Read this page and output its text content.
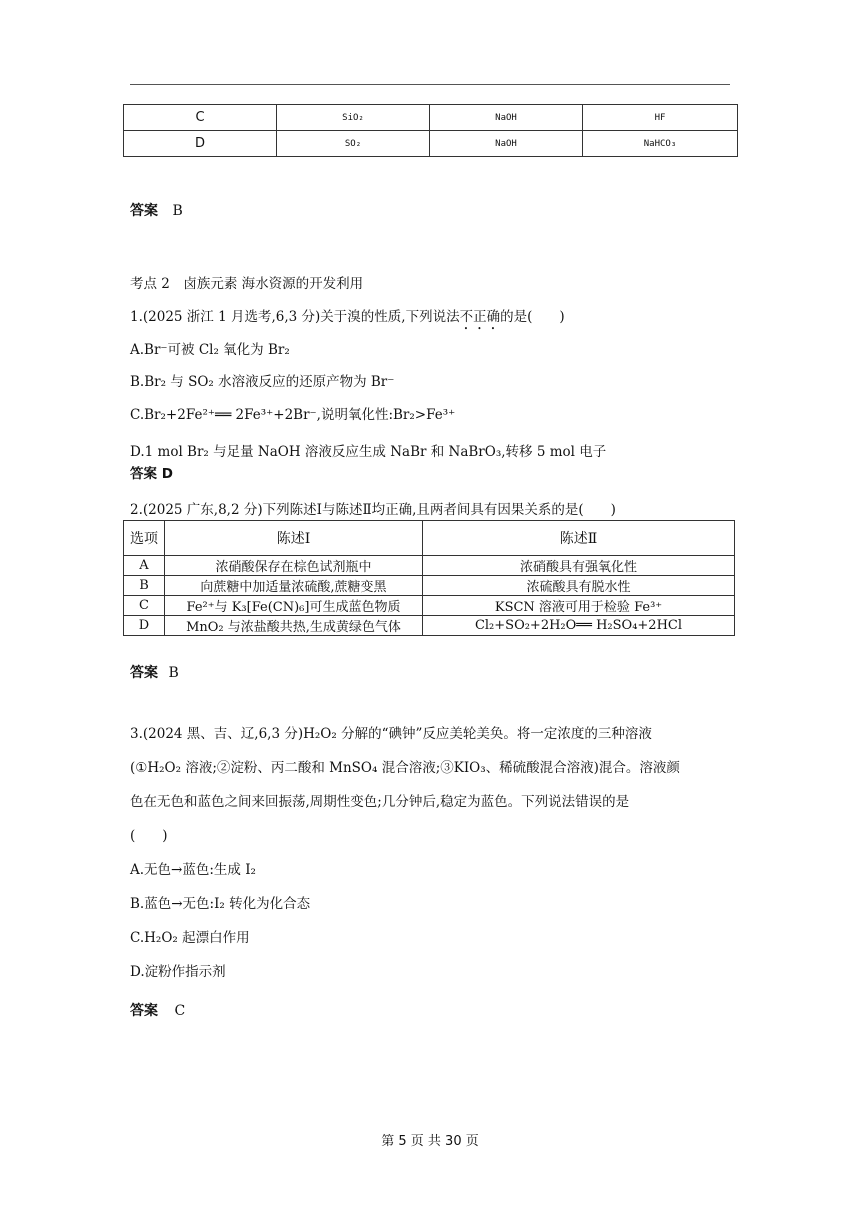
C	SiO₂	NaOH	HF
D	SO₂	NaOH	NaHCO₃
答案 B
考点 2　卤族元素 海水资源的开发利用
1.(2025 浙江 1 月选考,6,3 分)关于溴的性质,下列说法不正确的是(　　)
A.Br⁻可被 Cl₂ 氧化为 Br₂
B.Br₂ 与 SO₂ 水溶液反应的还原产物为 Br⁻
C.Br₂+2Fe²⁺══ 2Fe³⁺+2Br⁻,说明氧化性:Br₂>Fe³⁺
D.1 mol Br₂ 与足量 NaOH 溶液反应生成 NaBr 和 NaBrO₃,转移 5 mol 电子
答案 D
2.(2025 广东,8,2 分)下列陈述Ⅰ与陈述Ⅱ均正确,且两者间具有因果关系的是(　　)
选项	陈述Ⅰ	陈述Ⅱ
A	浓硝酸保存在棕色试剂瓶中	浓硝酸具有强氧化性
B	向蔗糖中加适量浓硫酸,蔗糖变黑	浓硫酸具有脱水性
C	Fe²⁺与 K₃[Fe(CN)₆]可生成蓝色物质	KSCN 溶液可用于检验 Fe³⁺
D	MnO₂ 与浓盐酸共热,生成黄绿色气体	Cl₂+SO₂+2H₂O══ H₂SO₄+2HCl
答案 B
3.(2024 黑、吉、辽,6,3 分)H₂O₂ 分解的“碘钟”反应美轮美奂。将一定浓度的三种溶液
(①H₂O₂ 溶液;②淀粉、丙二酸和 MnSO₄ 混合溶液;③KIO₃、稀硫酸混合溶液)混合。溶液颜
色在无色和蓝色之间来回振荡,周期性变色;几分钟后,稳定为蓝色。下列说法错误的是
(　　)
A.无色→蓝色:生成 I₂
B.蓝色→无色:I₂ 转化为化合态
C.H₂O₂ 起漂白作用
D.淀粉作指示剂
答案 C
第 5 页 共 30 页
